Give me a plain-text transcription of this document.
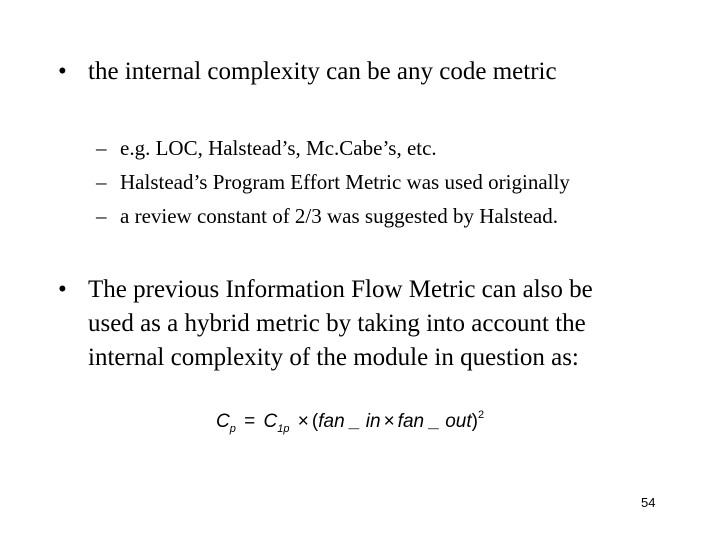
• the internal complexity can be any code metric
– e.g. LOC, Halstead’s, Mc.Cabe’s, etc.
– Halstead’s Program Effort Metric was used originally
– a review constant of 2/3 was suggested by Halstead.
• The previous Information Flow Metric can also be
used as a hybrid metric by taking into account the
internal complexity of the module in question as:
$C_p = C_{1p} \times (fan$ _ in × fan _ out)$^2$
54
